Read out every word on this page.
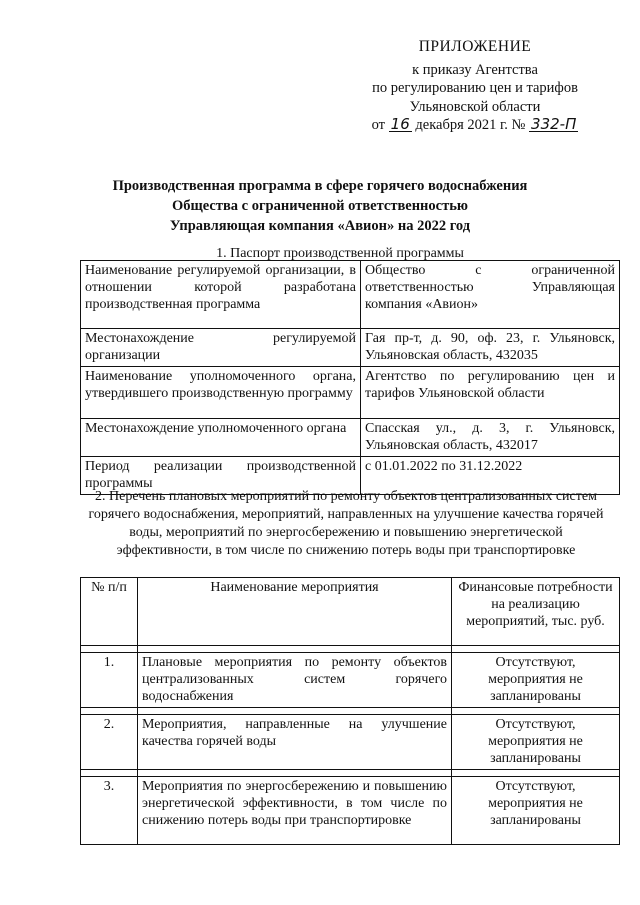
ПРИЛОЖЕНИЕ
к приказу Агентства
по регулированию цен и тарифов
Ульяновской области
от 16 декабря 2021 г. № 332-П
Производственная программа в сфере горячего водоснабжения
Общества с ограниченной ответственностью
Управляющая компания «Авион» на 2022 год
1. Паспорт производственной программы
Наименование регулируемой организации, в отношении которой разработана производственная программа	Общество с ограниченной ответственностью Управляющая компания «Авион»
Местонахождение регулируемой организации	Гая пр-т, д. 90, оф. 23, г. Ульяновск, Ульяновская область, 432035
Наименование уполномоченного органа, утвердившего производственную программу	Агентство по регулированию цен и тарифов Ульяновской области
Местонахождение уполномоченного органа	Спасская ул., д. 3, г. Ульяновск, Ульяновская область, 432017
Период реализации производственной программы	с 01.01.2022 по 31.12.2022
2. Перечень плановых мероприятий по ремонту объектов централизованных систем горячего водоснабжения, мероприятий, направленных на улучшение качества горячей воды, мероприятий по энергосбережению и повышению энергетической эффективности, в том числе по снижению потерь воды при транспортировке
№ п/п	Наименование мероприятия	Финансовые потребности на реализацию мероприятий, тыс. руб.

1.	Плановые мероприятия по ремонту объектов централизованных систем горячего водоснабжения	Отсутствуют, мероприятия не запланированы

2.	Мероприятия, направленные на улучшение качества горячей воды	Отсутствуют, мероприятия не запланированы

3.	Мероприятия по энергосбережению и повышению энергетической эффективности, в том числе по снижению потерь воды при транспортировке	Отсутствуют, мероприятия не запланированы
